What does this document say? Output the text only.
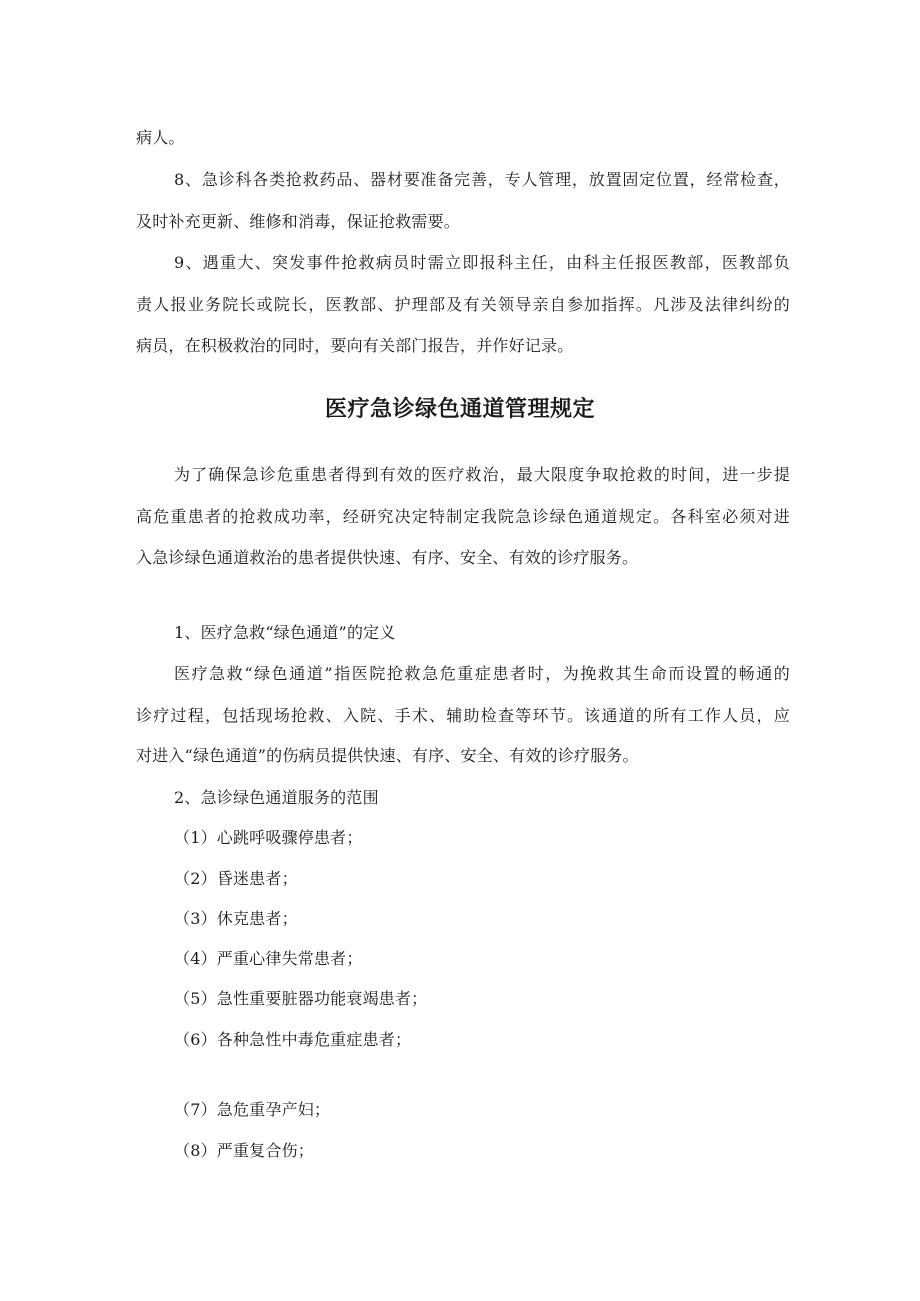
病人。
8、急诊科各类抢救药品、器材要准备完善，专人管理，放置固定位置，经常检查，
及时补充更新、维修和消毒，保证抢救需要。
9、遇重大、突发事件抢救病员时需立即报科主任，由科主任报医教部，医教部负
责人报业务院长或院长，医教部、护理部及有关领导亲自参加指挥。凡涉及法律纠纷的
病员，在积极救治的同时，要向有关部门报告，并作好记录。
医疗急诊绿色通道管理规定
为了确保急诊危重患者得到有效的医疗救治，最大限度争取抢救的时间，进一步提
高危重患者的抢救成功率，经研究决定特制定我院急诊绿色通道规定。各科室必须对进
入急诊绿色通道救治的患者提供快速、有序、安全、有效的诊疗服务。
1、医疗急救“绿色通道”的定义
医疗急救“绿色通道”指医院抢救急危重症患者时，为挽救其生命而设置的畅通的
诊疗过程，包括现场抢救、入院、手术、辅助检查等环节。该通道的所有工作人员，应
对进入“绿色通道”的伤病员提供快速、有序、安全、有效的诊疗服务。
2、急诊绿色通道服务的范围
（1）心跳呼吸骤停患者；
（2）昏迷患者；
（3）休克患者；
（4）严重心律失常患者；
（5）急性重要脏器功能衰竭患者；
（6）各种急性中毒危重症患者；
（7）急危重孕产妇；
（8）严重复合伤；
